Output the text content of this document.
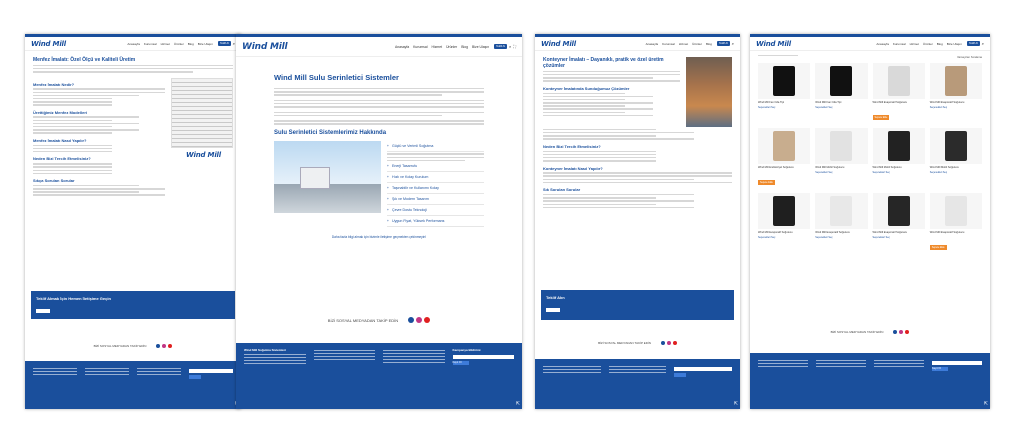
Wind Mill	Anasayfa Kurumsal Hizmet Ürünler Blog Bize Ulaşın	Teklif Al	⌕
Menfez İmalatı: Özel Ölçü ve Kaliteli Üretim
Menfez İmalatı Nedir?
Ürettiğimiz Menfez Modelleri
Menfez İmalatı Nasıl Yapılır?
Neden Bizi Tercih Etmelisiniz?
Sıkça Sorulan Sorular
Wind Mill
Teklif Almak İçin Hemen İletişime Geçin
BİZİ SOSYAL MEDYADAN TAKİP EDİN
Wind Mill	Anasayfa Kurumsal Hizmet Ürünler Blog Bize Ulaşın	Teklif Al	⌕ ⛶
Wind Mill Sulu Serinletici Sistemler
Sulu Serinletici Sistemlerimiz Hakkında
+ Güçlü ve Verimli Soğutma
+ Enerji Tasarrufu
+ Hızlı ve Kolay Kurulum
+ Taşınabilir ve Kullanımı Kolay
+ Şık ve Modern Tasarım
+ Çevre Dostu Teknoloji
+ Uygun Fiyat, Yüksek Performans
Daha fazla bilgi almak için bizimle iletişime geçmekten çekinmeyin!
BİZİ SOSYAL MEDYADAN TAKİP EDİN
Wind Mill Soğutma Sistemleri	Kampanya Bildirimi
Kayıt Ol
⇱
Wind Mill	Anasayfa Kurumsal Hizmet Ürünler Blog	Teklif Al	⌕
Konteyner İmalatı – Dayanıklı, pratik ve özel üretim çözümler
Konteyner İmalatında Sunduğumuz Çözümler
Neden Bizi Tercih Etmelisiniz?
Konteyner İmalatı Nasıl Yapılır?
Sık Sorulan Sorular
Teklif Alın
BİZİ SOSYAL MEDYADAN TAKİP EDİN
⇱
Wind Mill	Anasayfa Kurumsal Hizmet Ürünler Blog Bize Ulaşın	Teklif Al	⌕
Varsayılan Sıralama
Wind Mill Fan Oda Tipi
Seçenekleri Seç
Wind Mill Fan Oda Tipi
Seçenekleri Seç
Wind Mill Evaporatif Soğutucu
Sepete Ekle
Wind Mill Evaporatif Soğutucu
Seçenekleri Seç
Wind Mill Endüstriyel Soğutucu
Sepete Ekle
Wind Mill Mobil Soğutucu
Seçenekleri Seç
Wind Mill Mobil Soğutucu
Seçenekleri Seç
Wind Mill Mobil Soğutucu
Seçenekleri Seç
Wind Mill Evaporatif Soğutucu
Seçenekleri Seç
Wind Mill Evaporatif Soğutucu
Seçenekleri Seç
Wind Mill Evaporatif Soğutucu
Seçenekleri Seç
Wind Mill Evaporatif Soğutucu
Sepete Ekle
BİZİ SOSYAL MEDYADAN TAKİP EDİN
Kayıt Ol
⇱
